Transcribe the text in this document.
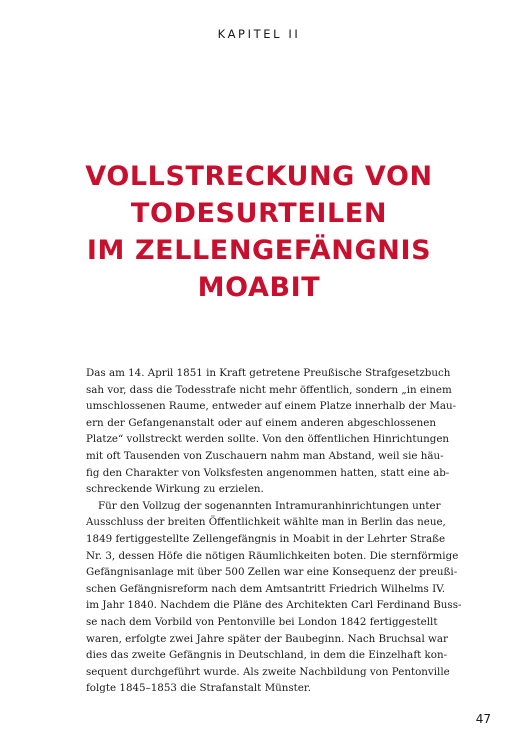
KAPITEL II
VOLLSTRECKUNG VON
TODESURTEILEN
IM ZELLENGEFÄNGNIS
MOABIT
Das am 14. April 1851 in Kraft getretene Preußische Strafgesetzbuch
sah vor, dass die Todesstrafe nicht mehr öffentlich, sondern „in einem
umschlossenen Raume, entweder auf einem Platze innerhalb der Mau-
ern der Gefangenanstalt oder auf einem anderen abgeschlossenen
Platze“ vollstreckt werden sollte. Von den öffentlichen Hinrichtungen
mit oft Tausenden von Zuschauern nahm man Abstand, weil sie häu-
fig den Charakter von Volksfesten angenommen hatten, statt eine ab-
schreckende Wirkung zu erzielen.
Für den Vollzug der sogenannten Intramuranhinrichtungen unter
Ausschluss der breiten Öffentlichkeit wählte man in Berlin das neue,
1849 fertiggestellte Zellengefängnis in Moabit in der Lehrter Straße
Nr. 3, dessen Höfe die nötigen Räumlichkeiten boten. Die sternförmige
Gefängnisanlage mit über 500 Zellen war eine Konsequenz der preußi-
schen Gefängnisreform nach dem Amtsantritt Friedrich Wilhelms IV.
im Jahr 1840. Nachdem die Pläne des Architekten Carl Ferdinand Buss-
se nach dem Vorbild von Pentonville bei London 1842 fertiggestellt
waren, erfolgte zwei Jahre später der Baubeginn. Nach Bruchsal war
dies das zweite Gefängnis in Deutschland, in dem die Einzelhaft kon-
sequent durchgeführt wurde. Als zweite Nachbildung von Pentonville
folgte 1845–1853 die Strafanstalt Münster.
47
